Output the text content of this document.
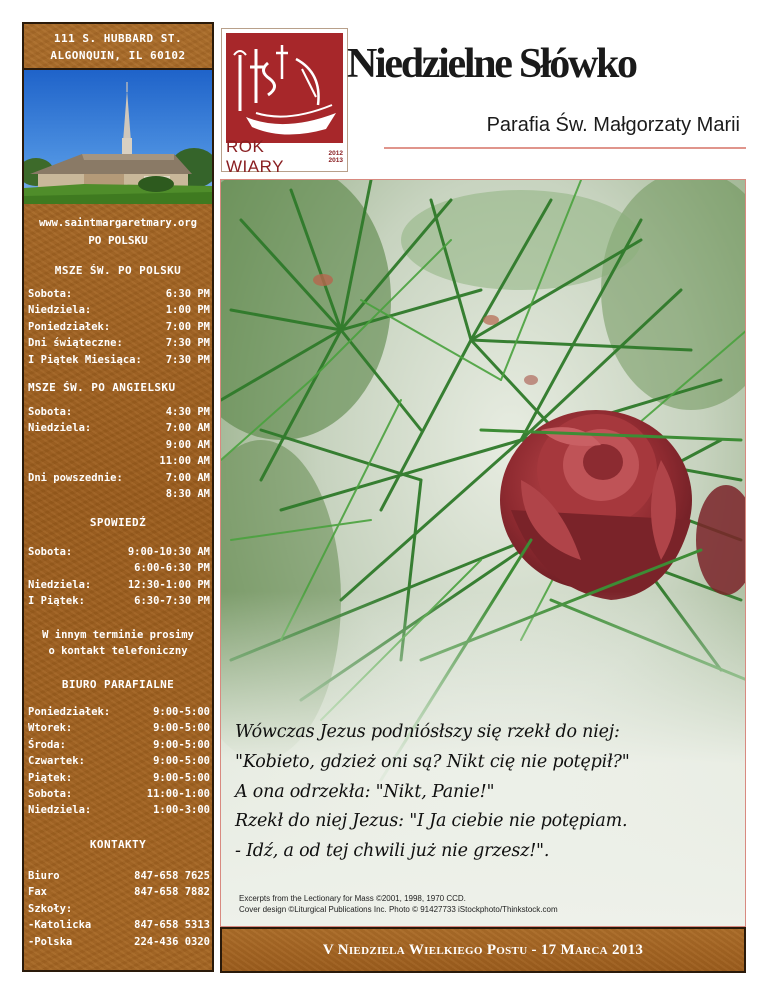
111 S. HUBBARD ST.
ALGONQUIN, IL 60102
www.saintmargaretmary.org
PO POLSKU
MSZE ŚW. PO POLSKU
Sobota:	6:30 PM
Niedziela:	1:00 PM
Poniedziałek:	7:00 PM
Dni świąteczne:	7:30 PM
I Piątek Miesiąca: 7:30 PM
MSZE ŚW. PO ANGIELSKU
Sobota:	4:30 PM
Niedziela:	7:00 AM
9:00 AM
11:00 AM
Dni powszednie:	7:00 AM
8:30 AM
SPOWIEDŹ
Sobota:	9:00-10:30 AM
6:00-6:30 PM
Niedziela:	12:30-1:00 PM
I Piątek:	6:30-7:30 PM
W innym terminie prosimy
o kontakt telefoniczny
BIURO PARAFIALNE
Poniedziałek:	9:00-5:00
Wtorek:	9:00-5:00
Środa:	9:00-5:00
Czwartek:	9:00-5:00
Piątek:	9:00-5:00
Sobota:	11:00-1:00
Niedziela:	1:00-3:00
KONTAKTY
Biuro	847-658 7625
Fax	847-658 7882
Szkoły:
-Katolicka	847-658 5313
-Polska	224-436 0320
ROK WIARY
2012
2013
Niedzielne Słówko
Parafia Św. Małgorzaty Marii
Wówczas Jezus podniósłszy się rzekł do niej:
"Kobieto, gdzież oni są? Nikt cię nie potępił?"
A ona odrzekła: "Nikt, Panie!"
Rzekł do niej Jezus: "I Ja ciebie nie potępiam.
- Idź, a od tej chwili już nie grzesz!".
Excerpts from the Lectionary for Mass ©2001, 1998, 1970 CCD.
Cover design ©Liturgical Publications Inc. Photo © 91427733 iStockphoto/Thinkstock.com
V Niedziela Wielkiego Postu - 17 Marca 2013
